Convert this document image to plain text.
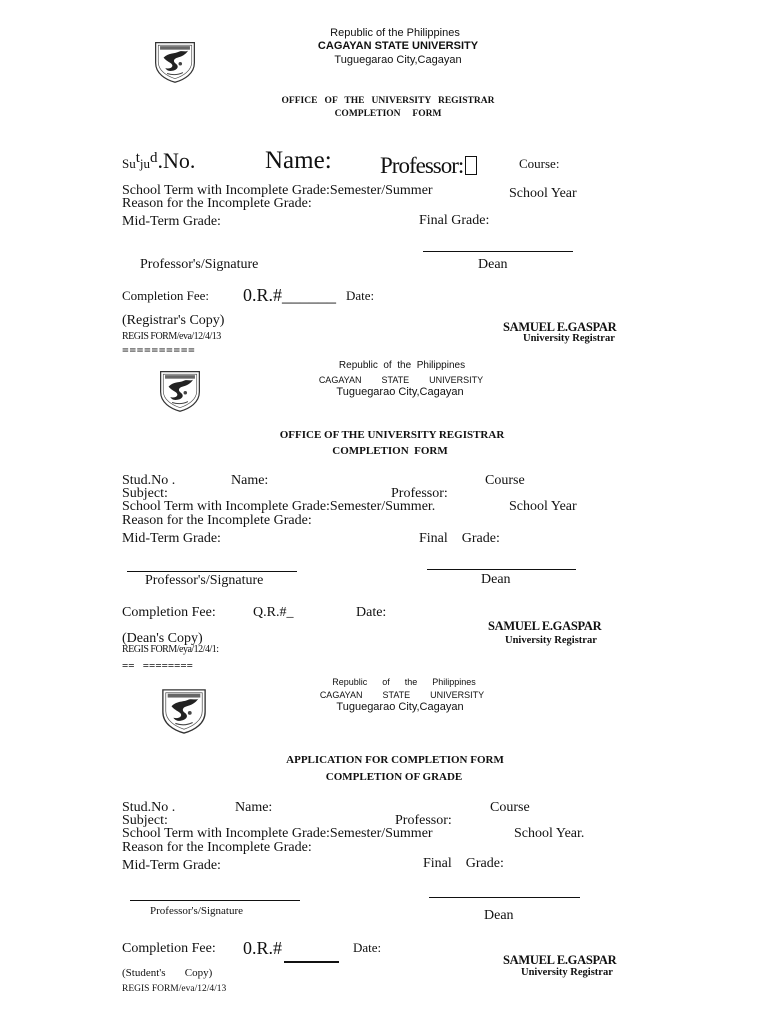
Republic of the Philippines
CAGAYAN STATE UNIVERSITY
Tuguegarao City,Cagayan
OFFICE   OF   THE   UNIVERSITY   REGISTRAR
COMPLETION     FORM
$Su^tju^d.No$.	Name: Professor:	Course:
School Term with Incomplete Grade:Semester/Summer	School Year
Reason for the Incomplete Grade:
Mid-Term Grade:	Final Grade:
Professor's/Signature	Dean
Completion Fee: 0.R.#______ Date:
(Registrar's Copy)
REGIS FORM/eva/12/4/13
==========
SAMUEL E.GASPAR
University Registrar
Republic  of  the  Philippines
CAGAYAN        STATE        UNIVERSITY
Tuguegarao City,Cagayan
OFFICE OF THE UNIVERSITY REGISTRAR
COMPLETION  FORM
Stud.No .	Name:	Course
Subject:	Professor:
School Term with Incomplete Grade:Semester/Summer.	School Year
Reason for the Incomplete Grade:
Mid-Term Grade:	Final    Grade:
Professor's/Signature	Dean
Completion Fee:	Q.R.#_	Date:
(Dean's Copy)
REGIS FORM/eya/12/4/1:
==   ========
SAMUEL E.GASPAR
University Registrar
Republic      of      the      Philippines
CAGAYAN        STATE        UNIVERSITY
Tuguegarao City,Cagayan
APPLICATION FOR COMPLETION FORM
COMPLETION OF GRADE
Stud.No .	Name:	Course
Subject:	Professor:
School Term with Incomplete Grade:Semester/Summer	School Year.
Reason for the Incomplete Grade:
Mid-Term Grade:	Final    Grade:
Professor's/Signature	Dean
Completion Fee: 0.R.#	Date:
(Student's       Copy)
REGIS FORM/eva/12/4/13
SAMUEL E.GASPAR
University Registrar
